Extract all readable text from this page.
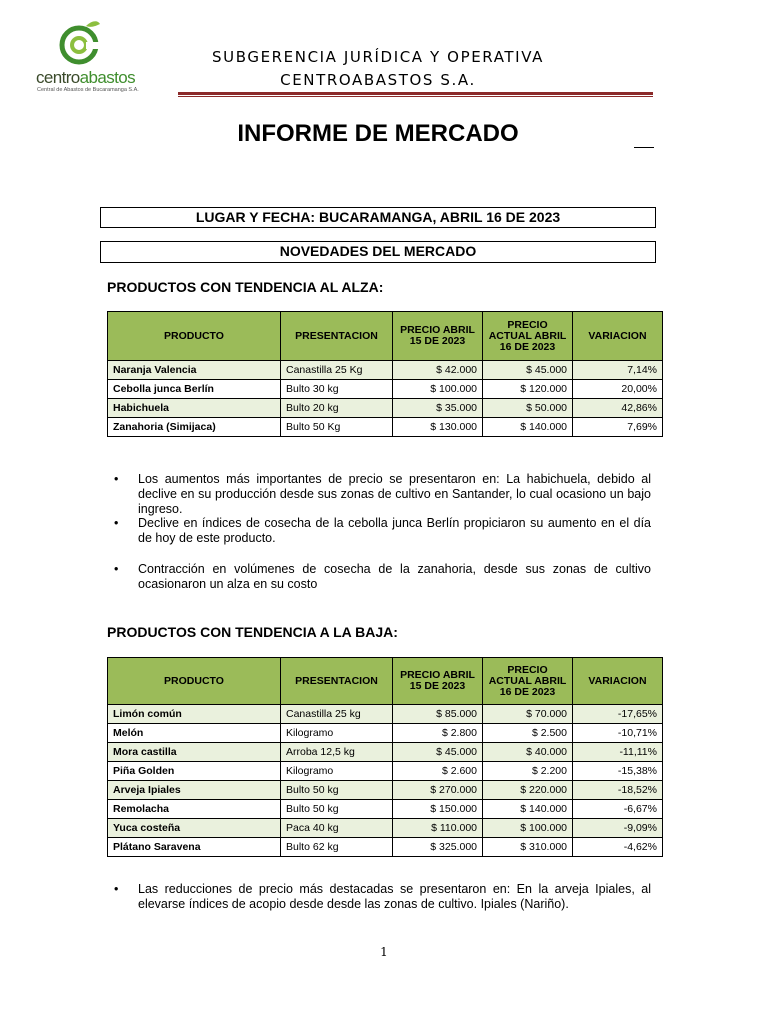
centroabastos
Central de Abastos de Bucaramanga S.A.
SUBGERENCIA JURÍDICA Y OPERATIVA
CENTROABASTOS S.A.
INFORME DE MERCADO
LUGAR Y FECHA: BUCARAMANGA, ABRIL 16 DE 2023
NOVEDADES DEL MERCADO
PRODUCTOS CON TENDENCIA AL ALZA:
PRODUCTO	PRESENTACION	PRECIO ABRIL 15 DE 2023	PRECIO ACTUAL ABRIL 16 DE 2023	VARIACION
Naranja Valencia	Canastilla 25 Kg	$ 42.000	$ 45.000	7,14%
Cebolla junca Berlín	Bulto 30 kg	$ 100.000	$ 120.000	20,00%
Habichuela	Bulto 20 kg	$ 35.000	$ 50.000	42,86%
Zanahoria (Simijaca)	Bulto 50 Kg	$ 130.000	$ 140.000	7,69%
• Los aumentos más importantes de precio se presentaron en: La habichuela, debido al declive en su producción desde sus zonas de cultivo en Santander, lo cual ocasiono un bajo ingreso.
• Declive en índices de cosecha de la cebolla junca Berlín propiciaron su aumento en el día de hoy de este producto.
• Contracción en volúmenes de cosecha de la zanahoria, desde sus zonas de cultivo ocasionaron un alza en su costo
PRODUCTOS CON TENDENCIA A LA BAJA:
PRODUCTO	PRESENTACION	PRECIO ABRIL 15 DE 2023	PRECIO ACTUAL ABRIL 16 DE 2023	VARIACION
Limón común	Canastilla 25 kg	$ 85.000	$ 70.000	-17,65%
Melón	Kilogramo	$ 2.800	$ 2.500	-10,71%
Mora castilla	Arroba 12,5 kg	$ 45.000	$ 40.000	-11,11%
Piña Golden	Kilogramo	$ 2.600	$ 2.200	-15,38%
Arveja Ipiales	Bulto 50 kg	$ 270.000	$ 220.000	-18,52%
Remolacha	Bulto 50 kg	$ 150.000	$ 140.000	-6,67%
Yuca costeña	Paca 40 kg	$ 110.000	$ 100.000	-9,09%
Plátano Saravena	Bulto 62 kg	$ 325.000	$ 310.000	-4,62%
• Las reducciones de precio más destacadas se presentaron en: En la arveja Ipiales, al elevarse índices de acopio desde desde las zonas de cultivo. Ipiales (Nariño).
1
